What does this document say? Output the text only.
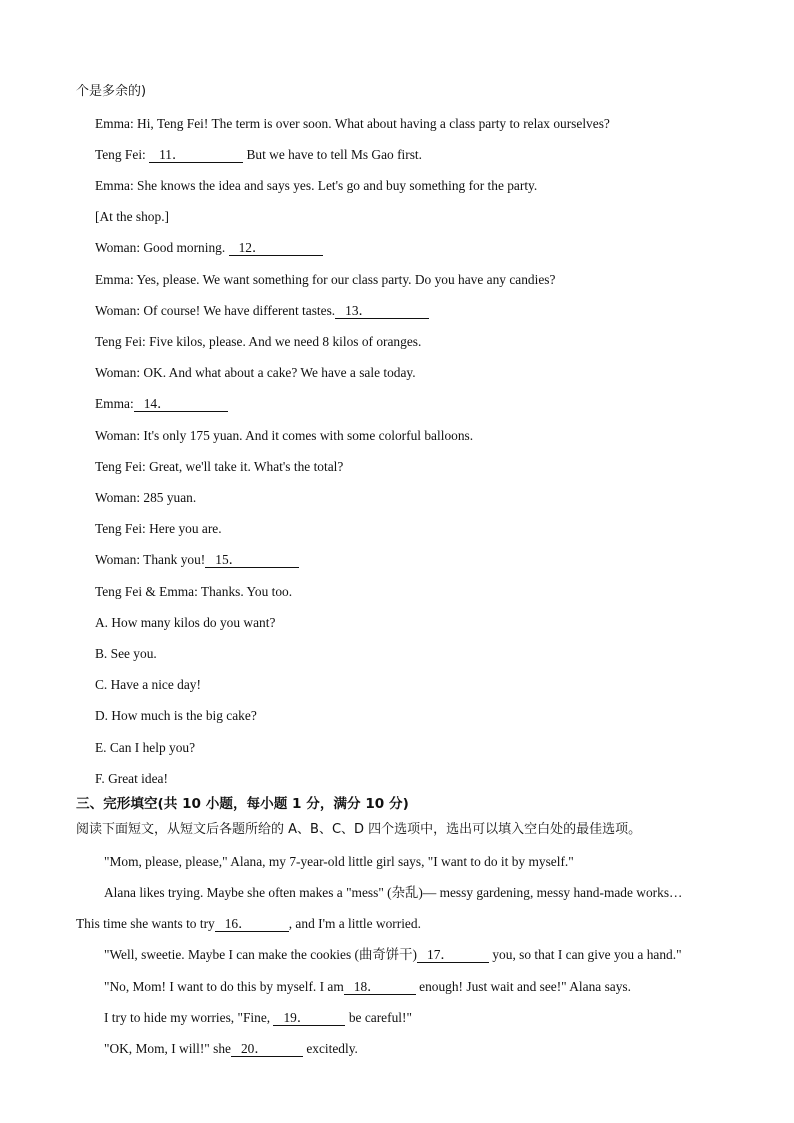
个是多余的)
Emma: Hi, Teng Fei! The term is over soon. What about having a class party to relax ourselves?
Teng Fei: 11．	But we have to tell Ms Gao first.
Emma: She knows the idea and says yes. Let's go and buy something for the party.
[At the shop.]
Woman: Good morning. 12．
Emma: Yes, please. We want something for our class party. Do you have any candies?
Woman: Of course! We have different tastes. 13．
Teng Fei: Five kilos, please. And we need 8 kilos of oranges.
Woman: OK. And what about a cake? We have a sale today.
Emma: 14．
Woman: It's only 175 yuan. And it comes with some colorful balloons.
Teng Fei: Great, we'll take it. What's the total?
Woman: 285 yuan.
Teng Fei: Here you are.
Woman: Thank you! 15．
Teng Fei & Emma: Thanks. You too.
A. How many kilos do you want?
B. See you.
C. Have a nice day!
D. How much is the big cake?
E. Can I help you?
F. Great idea!
三、完形填空(共 10 小题，每小题 1 分，满分 10 分)
阅读下面短文，从短文后各题所给的 A、B、C、D 四个选项中，选出可以填入空白处的最佳选项。
"Mom, please, please," Alana, my 7-year-old little girl says, "I want to do it by myself."
Alana likes trying. Maybe she often makes a "mess" (杂乱)— messy gardening, messy hand-made works…
This time she wants to try 16．	, and I'm a little worried.
"Well, sweetie. Maybe I can make the cookies (曲奇饼干) 17．	you, so that I can give you a hand."
"No, Mom! I want to do this by myself. I am 18．	enough! Just wait and see!" Alana says.
I try to hide my worries, "Fine, 19．	be careful!"
"OK, Mom, I will!" she 20．	excitedly.
